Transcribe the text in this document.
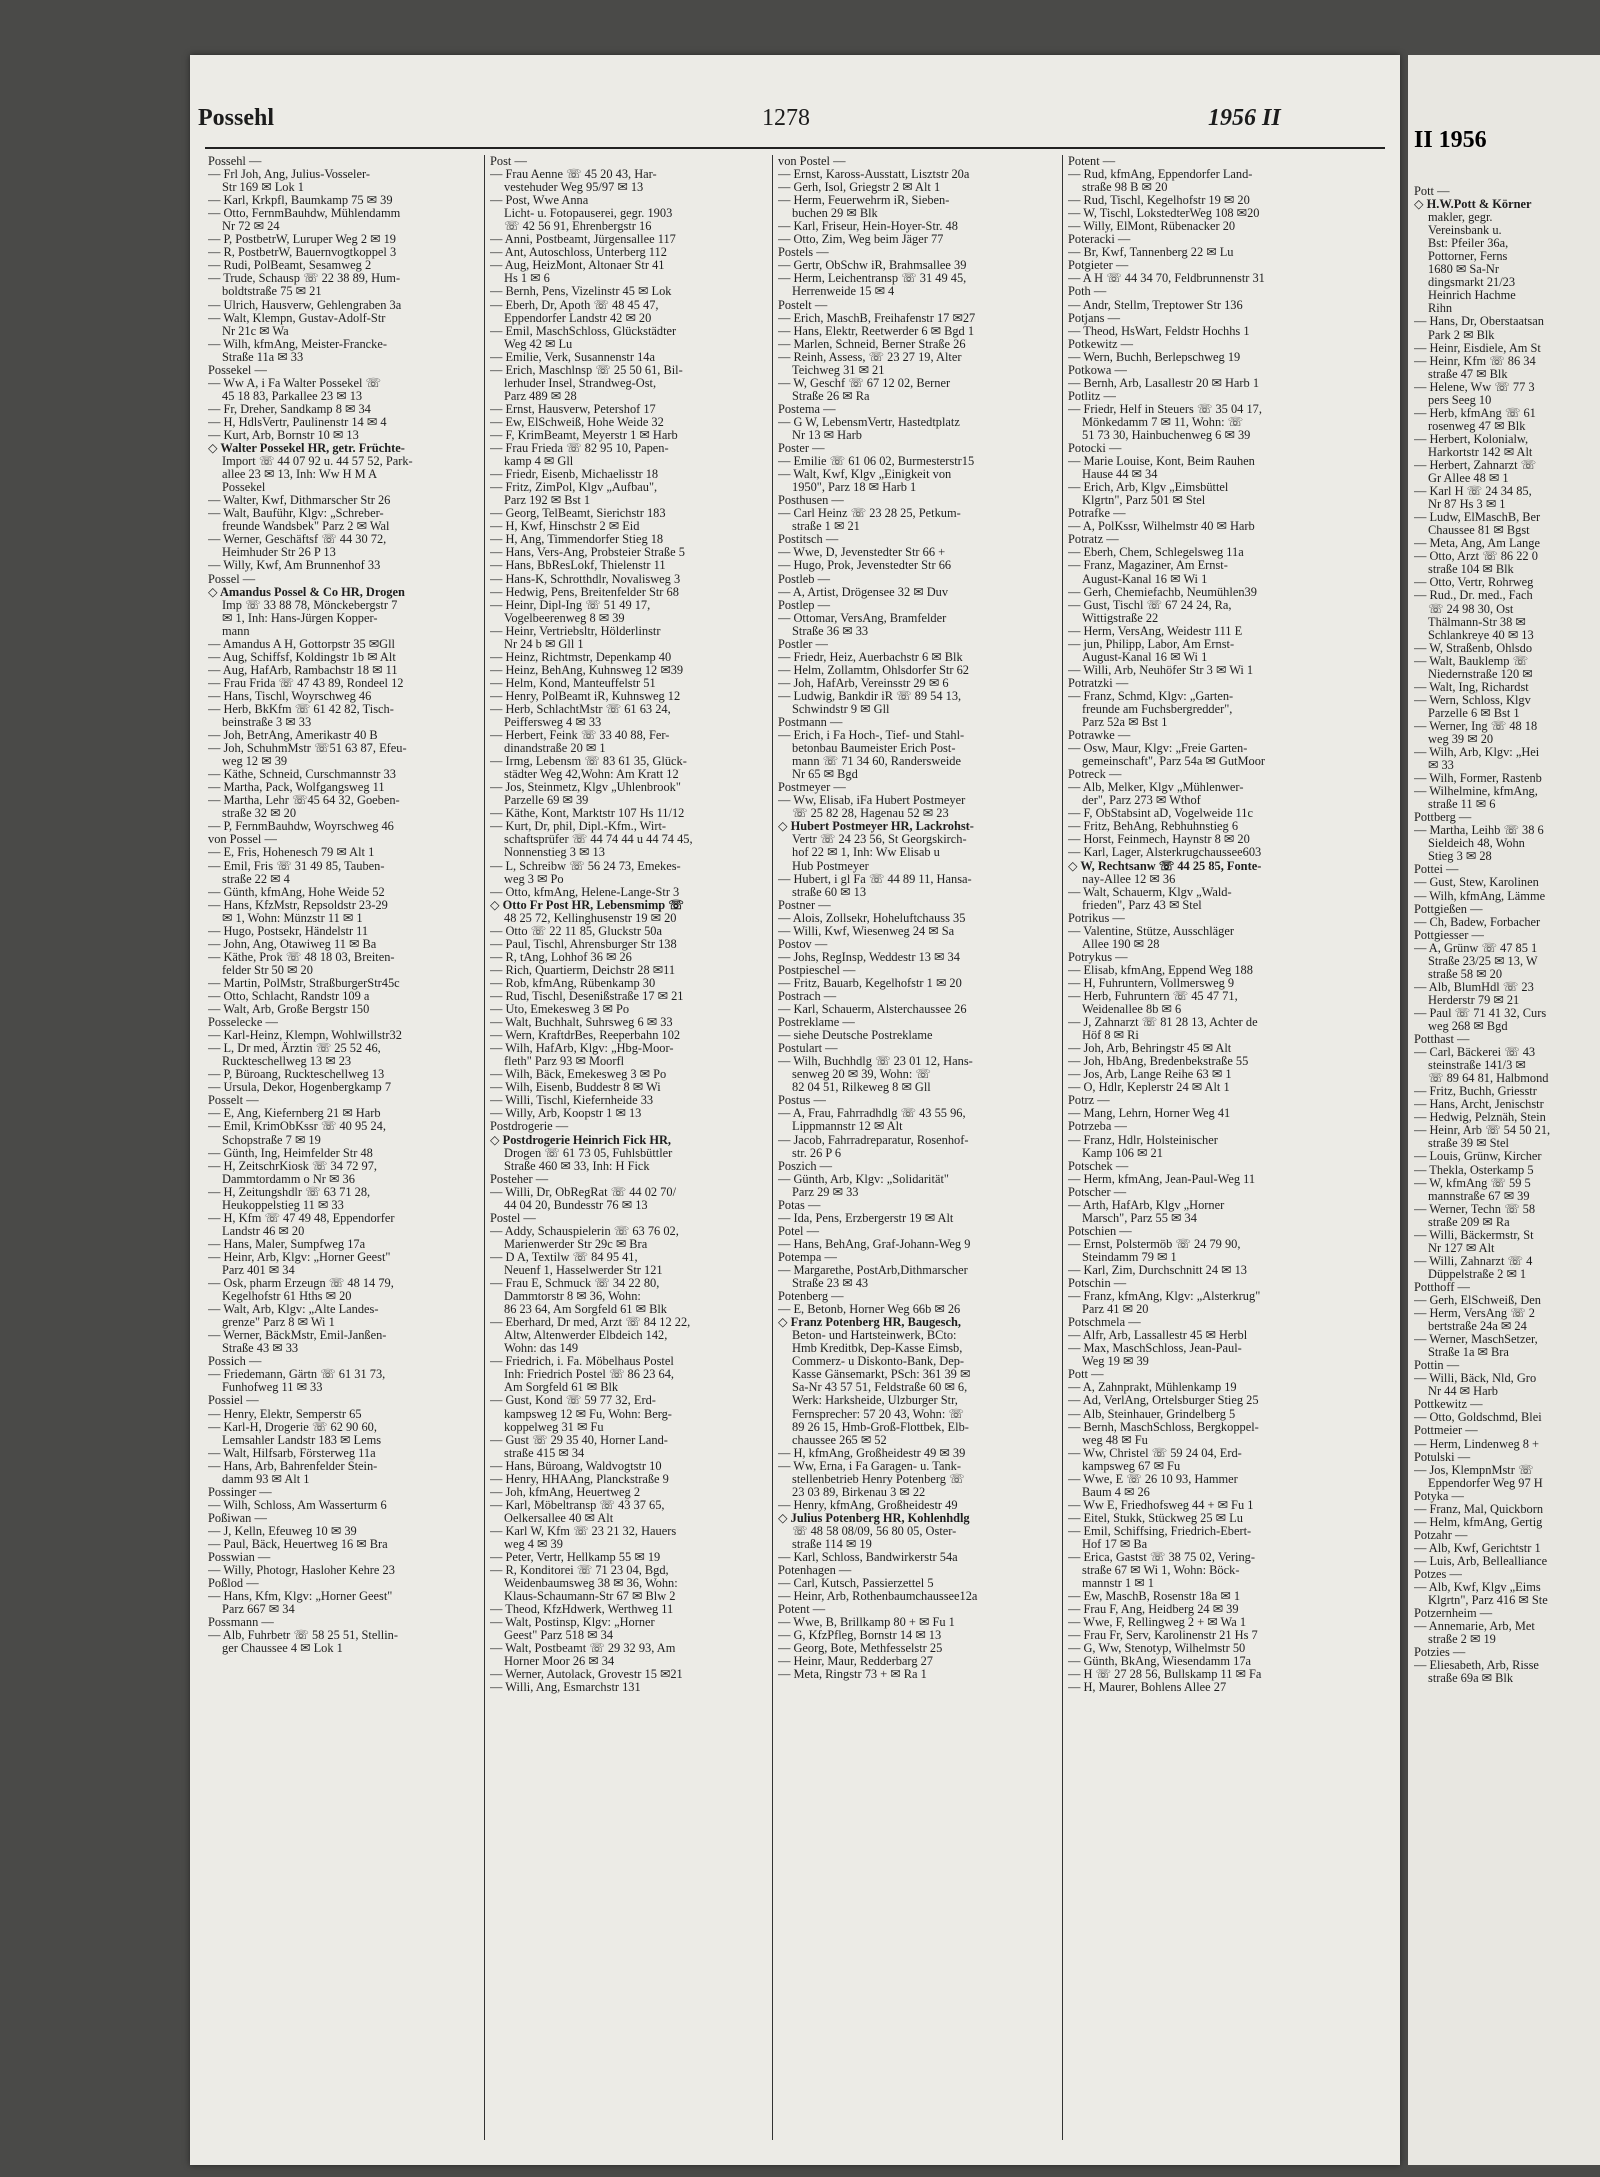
Possehl	1278	1956 II
Possehl —
— Frl Joh, Ang, Julius-Vosseler-
Str 169 ✉ Lok 1
— Karl, Krkpfl, Baumkamp 75 ✉ 39
— Otto, FernmBauhdw, Mühlendamm
Nr 72 ✉ 24
— P, PostbetrW, Luruper Weg 2 ✉ 19
— R, PostbetrW, Bauernvogtkoppel 3
— Rudi, PolBeamt, Sesamweg 2
— Trude, Schausp ☏ 22 38 89, Hum-
boldtstraße 75 ✉ 21
— Ulrich, Hausverw, Gehlengraben 3a
— Walt, Klempn, Gustav-Adolf-Str
Nr 21c ✉ Wa
— Wilh, kfmAng, Meister-Francke-
Straße 11a ✉ 33
Possekel —
— Ww A, i Fa Walter Possekel ☏
45 18 83, Parkallee 23 ✉ 13
— Fr, Dreher, Sandkamp 8 ✉ 34
— H, HdlsVertr, Paulinenstr 14 ✉ 4
— Kurt, Arb, Bornstr 10 ✉ 13
◇ Walter Possekel HR, getr. Früchte-
Import ☏ 44 07 92 u. 44 57 52, Park-
allee 23 ✉ 13, Inh: Ww H M A
Possekel
— Walter, Kwf, Dithmarscher Str 26
— Walt, Bauführ, Klgv: „Schreber-
freunde Wandsbek" Parz 2 ✉ Wal
— Werner, Geschäftsf ☏ 44 30 72,
Heimhuder Str 26 P 13
— Willy, Kwf, Am Brunnenhof 33
Possel —
◇ Amandus Possel & Co HR, Drogen
Imp ☏ 33 88 78, Mönckebergstr 7
✉ 1, Inh: Hans-Jürgen Kopper-
mann
— Amandus A H, Gottorpstr 35 ✉Gll
— Aug, Schiffsf, Koldingstr 1b ✉ Alt
— Aug, HafArb, Rambachstr 18 ✉ 11
— Frau Frida ☏ 47 43 89, Rondeel 12
— Hans, Tischl, Woyrschweg 46
— Herb, BkKfm ☏ 61 42 82, Tisch-
beinstraße 3 ✉ 33
— Joh, BetrAng, Amerikastr 40 B
— Joh, SchuhmMstr ☏51 63 87, Efeu-
weg 12 ✉ 39
— Käthe, Schneid, Curschmannstr 33
— Martha, Pack, Wolfgangsweg 11
— Martha, Lehr ☏45 64 32, Goeben-
straße 32 ✉ 20
— P, FernmBauhdw, Woyrschweg 46
von Possel —
— E, Fris, Hohenesch 79 ✉ Alt 1
— Emil, Fris ☏ 31 49 85, Tauben-
straße 22 ✉ 4
— Günth, kfmAng, Hohe Weide 52
— Hans, KfzMstr, Repsoldstr 23-29
✉ 1, Wohn: Münzstr 11 ✉ 1
— Hugo, Postsekr, Händelstr 11
— John, Ang, Otawiweg 11 ✉ Ba
— Käthe, Prok ☏ 48 18 03, Breiten-
felder Str 50 ✉ 20
— Martin, PolMstr, StraßburgerStr45c
— Otto, Schlacht, Randstr 109 a
— Walt, Arb, Große Bergstr 150
Posselecke —
— Karl-Heinz, Klempn, Wohlwillstr32
— L, Dr med, Ärztin ☏ 25 52 46,
Ruckteschellweg 13 ✉ 23
— P, Büroang, Ruckteschellweg 13
— Ursula, Dekor, Hogenbergkamp 7
Posselt —
— E, Ang, Kiefernberg 21 ✉ Harb
— Emil, KrimObKssr ☏ 40 95 24,
Schopstraße 7 ✉ 19
— Günth, Ing, Heimfelder Str 48
— H, ZeitschrKiosk ☏ 34 72 97,
Dammtordamm o Nr ✉ 36
— H, Zeitungshdlr ☏ 63 71 28,
Heukoppelstieg 11 ✉ 33
— H, Kfm ☏ 47 49 48, Eppendorfer
Landstr 46 ✉ 20
— Hans, Maler, Sumpfweg 17a
— Heinr, Arb, Klgv: „Horner Geest"
Parz 401 ✉ 34
— Osk, pharm Erzeugn ☏ 48 14 79,
Kegelhofstr 61 Hths ✉ 20
— Walt, Arb, Klgv: „Alte Landes-
grenze" Parz 8 ✉ Wi 1
— Werner, BäckMstr, Emil-Janßen-
Straße 43 ✉ 33
Possich —
— Friedemann, Gärtn ☏ 61 31 73,
Funhofweg 11 ✉ 33
Possiel —
— Henry, Elektr, Semperstr 65
— Karl-H, Drogerie ☏ 62 90 60,
Lemsahler Landstr 183 ✉ Lems
— Walt, Hilfsarb, Försterweg 11a
— Hans, Arb, Bahrenfelder Stein-
damm 93 ✉ Alt 1
Possinger —
— Wilh, Schloss, Am Wasserturm 6
Poßiwan —
— J, Kelln, Efeuweg 10 ✉ 39
— Paul, Bäck, Heuertweg 16 ✉ Bra
Posswian —
— Willy, Photogr, Hasloher Kehre 23
Poßlod —
— Hans, Kfm, Klgv: „Horner Geest"
Parz 667 ✉ 34
Possmann —
— Alb, Fuhrbetr ☏ 58 25 51, Stellin-
ger Chaussee 4 ✉ Lok 1
Post —
— Frau Aenne ☏ 45 20 43, Har-
vestehuder Weg 95/97 ✉ 13
— Post, Wwe Anna
Licht- u. Fotopauserei, gegr. 1903
☏ 42 56 91, Ehrenbergstr 16
— Anni, Postbeamt, Jürgensallee 117
— Ant, Autoschloss, Unterberg 112
— Aug, HeizMont, Altonaer Str 41
Hs 1 ✉ 6
— Bernh, Pens, Vizelinstr 45 ✉ Lok
— Eberh, Dr, Apoth ☏ 48 45 47,
Eppendorfer Landstr 42 ✉ 20
— Emil, MaschSchloss, Glückstädter
Weg 42 ✉ Lu
— Emilie, Verk, Susannenstr 14a
— Erich, Maschlnsp ☏ 25 50 61, Bil-
lerhuder Insel, Strandweg-Ost,
Parz 489 ✉ 28
— Ernst, Hausverw, Petershof 17
— Ew, ElSchweiß, Hohe Weide 32
— F, KrimBeamt, Meyerstr 1 ✉ Harb
— Frau Frieda ☏ 82 95 10, Papen-
kamp 4 ✉ Gll
— Friedr, Eisenb, Michaelisstr 18
— Fritz, ZimPol, Klgv „Aufbau",
Parz 192 ✉ Bst 1
— Georg, TelBeamt, Sierichstr 183
— H, Kwf, Hinschstr 2 ✉ Eid
— H, Ang, Timmendorfer Stieg 18
— Hans, Vers-Ang, Probsteier Straße 5
— Hans, BbResLokf, Thielenstr 11
— Hans-K, Schrotthdlr, Novalisweg 3
— Hedwig, Pens, Breitenfelder Str 68
— Heinr, Dipl-Ing ☏ 51 49 17,
Vogelbeerenweg 8 ✉ 39
— Heinr, Vertriebsltr, Hölderlinstr
Nr 24 b ✉ Gll 1
— Heinz, Richtmstr, Depenkamp 40
— Heinz, BehAng, Kuhnsweg 12 ✉39
— Helm, Kond, Manteuffelstr 51
— Henry, PolBeamt iR, Kuhnsweg 12
— Herb, SchlachtMstr ☏ 61 63 24,
Peiffersweg 4 ✉ 33
— Herbert, Feink ☏ 33 40 88, Fer-
dinandstraße 20 ✉ 1
— Irmg, Lebensm ☏ 83 61 35, Glück-
städter Weg 42,Wohn: Am Kratt 12
— Jos, Steinmetz, Klgv „Uhlenbrook"
Parzelle 69 ✉ 39
— Käthe, Kont, Marktstr 107 Hs 11/12
— Kurt, Dr, phil, Dipl.-Kfm., Wirt-
schaftsprüfer ☏ 44 74 44 u 44 74 45,
Nonnenstieg 3 ✉ 13
— L, Schreibw ☏ 56 24 73, Emekes-
weg 3 ✉ Po
— Otto, kfmAng, Helene-Lange-Str 3
◇ Otto Fr Post HR, Lebensmimp ☏
48 25 72, Kellinghusenstr 19 ✉ 20
— Otto ☏ 22 11 85, Gluckstr 50a
— Paul, Tischl, Ahrensburger Str 138
— R, tAng, Lohhof 36 ✉ 26
— Rich, Quartierm, Deichstr 28 ✉11
— Rob, kfmAng, Rübenkamp 30
— Rud, Tischl, Desenißstraße 17 ✉ 21
— Uto, Emekesweg 3 ✉ Po
— Walt, Buchhalt, Suhrsweg 6 ✉ 33
— Wern, KraftdrBes, Reeperbahn 102
— Wilh, HafArb, Klgv: „Hbg-Moor-
fleth" Parz 93 ✉ Moorfl
— Wilh, Bäck, Emekesweg 3 ✉ Po
— Wilh, Eisenb, Buddestr 8 ✉ Wi
— Willi, Tischl, Kiefernheide 33
— Willy, Arb, Koopstr 1 ✉ 13
Postdrogerie —
◇ Postdrogerie Heinrich Fick HR,
Drogen ☏ 61 73 05, Fuhlsbüttler
Straße 460 ✉ 33, Inh: H Fick
Posteher —
— Willi, Dr, ObRegRat ☏ 44 02 70/
44 04 20, Bundesstr 76 ✉ 13
Postel —
— Addy, Schauspielerin ☏ 63 76 02,
Marienwerder Str 29c ✉ Bra
— D A, Textilw ☏ 84 95 41,
Neuenf 1, Hasselwerder Str 121
— Frau E, Schmuck ☏ 34 22 80,
Dammtorstr 8 ✉ 36, Wohn:
86 23 64, Am Sorgfeld 61 ✉ Blk
— Eberhard, Dr med, Arzt ☏ 84 12 22,
Altw, Altenwerder Elbdeich 142,
Wohn: das 149
— Friedrich, i. Fa. Möbelhaus Postel
Inh: Friedrich Postel ☏ 86 23 64,
Am Sorgfeld 61 ✉ Blk
— Gust, Kond ☏ 59 77 32, Erd-
kampsweg 12 ✉ Fu, Wohn: Berg-
koppelweg 31 ✉ Fu
— Gust ☏ 29 35 40, Horner Land-
straße 415 ✉ 34
— Hans, Büroang, Waldvogtstr 10
— Henry, HHAAng, Planckstraße 9
— Joh, kfmAng, Heuertweg 2
— Karl, Möbeltransp ☏ 43 37 65,
Oelkersallee 40 ✉ Alt
— Karl W, Kfm ☏ 23 21 32, Hauers
weg 4 ✉ 39
— Peter, Vertr, Hellkamp 55 ✉ 19
— R, Konditorei ☏ 71 23 04, Bgd,
Weidenbaumsweg 38 ✉ 36, Wohn:
Klaus-Schaumann-Str 67 ✉ Blw 2
— Theod, KfzHdwerk, Werthweg 11
— Walt, Postinsp, Klgv: „Horner
Geest" Parz 518 ✉ 34
— Walt, Postbeamt ☏ 29 32 93, Am
Horner Moor 26 ✉ 34
— Werner, Autolack, Grovestr 15 ✉21
— Willi, Ang, Esmarchstr 131
von Postel —
— Ernst, Kaross-Ausstatt, Lisztstr 20a
— Gerh, Isol, Griegstr 2 ✉ Alt 1
— Herm, Feuerwehrm iR, Sieben-
buchen 29 ✉ Blk
— Karl, Friseur, Hein-Hoyer-Str. 48
— Otto, Zim, Weg beim Jäger 77
Postels —
— Gertr, ObSchw iR, Brahmsallee 39
— Herm, Leichentransp ☏ 31 49 45,
Herrenweide 15 ✉ 4
Postelt —
— Erich, MaschB, Freihafenstr 17 ✉27
— Hans, Elektr, Reetwerder 6 ✉ Bgd 1
— Marlen, Schneid, Berner Straße 26
— Reinh, Assess, ☏ 23 27 19, Alter
Teichweg 31 ✉ 21
— W, Geschf ☏ 67 12 02, Berner
Straße 26 ✉ Ra
Postema —
— G W, LebensmVertr, Hastedtplatz
Nr 13 ✉ Harb
Poster —
— Emilie ☏ 61 06 02, Burmesterstr15
— Walt, Kwf, Klgv „Einigkeit von
1950", Parz 18 ✉ Harb 1
Posthusen —
— Carl Heinz ☏ 23 28 25, Petkum-
straße 1 ✉ 21
Postitsch —
— Wwe, D, Jevenstedter Str 66 +
— Hugo, Prok, Jevenstedter Str 66
Postleb —
— A, Artist, Drögensee 32 ✉ Duv
Postlep —
— Ottomar, VersAng, Bramfelder
Straße 36 ✉ 33
Postler —
— Friedr, Heiz, Auerbachstr 6 ✉ Blk
— Helm, Zollamtm, Ohlsdorfer Str 62
— Joh, HafArb, Vereinsstr 29 ✉ 6
— Ludwig, Bankdir iR ☏ 89 54 13,
Schwindstr 9 ✉ Gll
Postmann —
— Erich, i Fa Hoch-, Tief- und Stahl-
betonbau Baumeister Erich Post-
mann ☏ 71 34 60, Randersweide
Nr 65 ✉ Bgd
Postmeyer —
— Ww, Elisab, iFa Hubert Postmeyer
☏ 25 82 28, Hagenau 52 ✉ 23
◇ Hubert Postmeyer HR, Lackrohst-
Vertr ☏ 24 23 56, St Georgskirch-
hof 22 ✉ 1, Inh: Ww Elisab u
Hub Postmeyer
— Hubert, i gl Fa ☏ 44 89 11, Hansa-
straße 60 ✉ 13
Postner —
— Alois, Zollsekr, Hoheluftchauss 35
— Willi, Kwf, Wiesenweg 24 ✉ Sa
Postov —
— Johs, RegInsp, Weddestr 13 ✉ 34
Postpieschel —
— Fritz, Bauarb, Kegelhofstr 1 ✉ 20
Postrach —
— Karl, Schauerm, Alsterchaussee 26
Postreklame —
— siehe Deutsche Postreklame
Postulart —
— Wilh, Buchhdlg ☏ 23 01 12, Hans-
senweg 20 ✉ 39, Wohn: ☏
82 04 51, Rilkeweg 8 ✉ Gll
Postus —
— A, Frau, Fahrradhdlg ☏ 43 55 96,
Lippmannstr 12 ✉ Alt
— Jacob, Fahrradreparatur, Rosenhof-
str. 26 P 6
Poszich —
— Günth, Arb, Klgv: „Solidarität"
Parz 29 ✉ 33
Potas —
— Ida, Pens, Erzbergerstr 19 ✉ Alt
Potel —
— Hans, BehAng, Graf-Johann-Weg 9
Potempa —
— Margarethe, PostArb,Dithmarscher
Straße 23 ✉ 43
Potenberg —
— E, Betonb, Horner Weg 66b ✉ 26
◇ Franz Potenberg HR, Baugesch,
Beton- und Hartsteinwerk, BCto:
Hmb Kreditbk, Dep-Kasse Eimsb,
Commerz- u Diskonto-Bank, Dep-
Kasse Gänsemarkt, PSch: 361 39 ✉
Sa-Nr 43 57 51, Feldstraße 60 ✉ 6,
Werk: Harksheide, Ulzburger Str,
Fernsprecher: 57 20 43, Wohn: ☏
89 26 15, Hmb-Groß-Flottbek, Elb-
chaussee 265 ✉ 52
— H, kfmAng, Großheidestr 49 ✉ 39
— Ww, Erna, i Fa Garagen- u. Tank-
stellenbetrieb Henry Potenberg ☏
23 03 89, Birkenau 3 ✉ 22
— Henry, kfmAng, Großheidestr 49
◇ Julius Potenberg HR, Kohlenhdlg
☏ 48 58 08/09, 56 80 05, Oster-
straße 114 ✉ 19
— Karl, Schloss, Bandwirkerstr 54a
Potenhagen —
— Carl, Kutsch, Passierzettel 5
— Heinr, Arb, Rothenbaumchaussee12a
Potent —
— Wwe, B, Brillkamp 80 + ✉ Fu 1
— G, KfzPfleg, Bornstr 14 ✉ 13
— Georg, Bote, Methfesselstr 25
— Heinr, Maur, Redderbarg 27
— Meta, Ringstr 73 + ✉ Ra 1
Potent —
— Rud, kfmAng, Eppendorfer Land-
straße 98 B ✉ 20
— Rud, Tischl, Kegelhofstr 19 ✉ 20
— W, Tischl, LokstedterWeg 108 ✉20
— Willy, ElMont, Rübenacker 20
Poteracki —
— Br, Kwf, Tannenberg 22 ✉ Lu
Potgieter —
— A H ☏ 44 34 70, Feldbrunnenstr 31
Poth —
— Andr, Stellm, Treptower Str 136
Potjans —
— Theod, HsWart, Feldstr Hochhs 1
Potkewitz —
— Wern, Buchh, Berlepschweg 19
Potkowa —
— Bernh, Arb, Lasallestr 20 ✉ Harb 1
Potlitz —
— Friedr, Helf in Steuers ☏ 35 04 17,
Mönkedamm 7 ✉ 11, Wohn: ☏
51 73 30, Hainbuchenweg 6 ✉ 39
Potocki —
— Marie Louise, Kont, Beim Rauhen
Hause 44 ✉ 34
— Erich, Arb, Klgv „Eimsbüttel
Klgrtn", Parz 501 ✉ Stel
Potrafke —
— A, PolKssr, Wilhelmstr 40 ✉ Harb
Potratz —
— Eberh, Chem, Schlegelsweg 11a
— Franz, Magaziner, Am Ernst-
August-Kanal 16 ✉ Wi 1
— Gerh, Chemiefachb, Neumühlen39
— Gust, Tischl ☏ 67 24 24, Ra,
Wittigstraße 22
— Herm, VersAng, Weidestr 111 E
— jun, Philipp, Labor, Am Ernst-
August-Kanal 16 ✉ Wi 1
— Willi, Arb, Neuhöfer Str 3 ✉ Wi 1
Potratzki —
— Franz, Schmd, Klgv: „Garten-
freunde am Fuchsbergredder",
Parz 52a ✉ Bst 1
Potrawke —
— Osw, Maur, Klgv: „Freie Garten-
gemeinschaft", Parz 54a ✉ GutMoor
Potreck —
— Alb, Melker, Klgv „Mühlenwer-
der", Parz 273 ✉ Wthof
— F, ObStabsint aD, Vogelweide 11c
— Fritz, BehAng, Rebhuhnstieg 6
— Horst, Feinmech, Haynstr 8 ✉ 20
— Karl, Lager, Alsterkrugchaussee603
◇ W, Rechtsanw ☏ 44 25 85, Fonte-
nay-Allee 12 ✉ 36
— Walt, Schauerm, Klgv „Wald-
frieden", Parz 43 ✉ Stel
Potrikus —
— Valentine, Stütze, Ausschläger
Allee 190 ✉ 28
Potrykus —
— Elisab, kfmAng, Eppend Weg 188
— H, Fuhruntern, Vollmersweg 9
— Herb, Fuhruntern ☏ 45 47 71,
Weidenallee 8b ✉ 6
— J, Zahnarzt ☏ 81 28 13, Achter de
Höf 8 ✉ Ri
— Joh, Arb, Behringstr 45 ✉ Alt
— Joh, HbAng, Bredenbekstraße 55
— Jos, Arb, Lange Reihe 63 ✉ 1
— O, Hdlr, Keplerstr 24 ✉ Alt 1
Potrz —
— Mang, Lehrn, Horner Weg 41
Potrzeba —
— Franz, Hdlr, Holsteinischer
Kamp 106 ✉ 21
Potschek —
— Herm, kfmAng, Jean-Paul-Weg 11
Potscher —
— Arth, HafArb, Klgv „Horner
Marsch", Parz 55 ✉ 34
Potschien —
— Ernst, Polstermöb ☏ 24 79 90,
Steindamm 79 ✉ 1
— Karl, Zim, Durchschnitt 24 ✉ 13
Potschin —
— Franz, kfmAng, Klgv: „Alsterkrug"
Parz 41 ✉ 20
Potschmela —
— Alfr, Arb, Lassallestr 45 ✉ Herbl
— Max, MaschSchloss, Jean-Paul-
Weg 19 ✉ 39
Pott —
— A, Zahnprakt, Mühlenkamp 19
— Ad, VerlAng, Ortelsburger Stieg 25
— Alb, Steinhauer, Grindelberg 5
— Bernh, MaschSchloss, Bergkoppel-
weg 48 ✉ Fu
— Ww, Christel ☏ 59 24 04, Erd-
kampsweg 67 ✉ Fu
— Wwe, E ☏ 26 10 93, Hammer
Baum 4 ✉ 26
— Ww E, Friedhofsweg 44 + ✉ Fu 1
— Eitel, Stukk, Stückweg 25 ✉ Lu
— Emil, Schiffsing, Friedrich-Ebert-
Hof 17 ✉ Ba
— Erica, Gastst ☏ 38 75 02, Vering-
straße 67 ✉ Wi 1, Wohn: Böck-
mannstr 1 ✉ 1
— Ew, MaschB, Rosenstr 18a ✉ 1
— Frau F, Ang, Heidberg 24 ✉ 39
— Wwe, F, Rellingweg 2 + ✉ Wa 1
— Frau Fr, Serv, Karolinenstr 21 Hs 7
— G, Ww, Stenotyp, Wilhelmstr 50
— Günth, BkAng, Wiesendamm 17a
— H ☏ 27 28 56, Bullskamp 11 ✉ Fa
— H, Maurer, Bohlens Allee 27
II 1956
Pott —
◇ H.W.Pott & Körner
makler, gegr.
Vereinsbank u.
Bst: Pfeiler 36a,
Pottorner, Ferns
1680 ✉ Sa-Nr
dingsmarkt 21/23
Heinrich Hachme
Rihn
— Hans, Dr, Oberstaatsan
Park 2 ✉ Blk
— Heinr, Eisdiele, Am St
— Heinr, Kfm ☏ 86 34
straße 47 ✉ Blk
— Helene, Ww ☏ 77 3
pers Seeg 10
— Herb, kfmAng ☏ 61
rosenweg 47 ✉ Blk
— Herbert, Kolonialw,
Harkortstr 142 ✉ Alt
— Herbert, Zahnarzt ☏
Gr Allee 48 ✉ 1
— Karl H ☏ 24 34 85,
Nr 87 Hs 3 ✉ 1
— Ludw, ElMaschB, Ber
Chaussee 81 ✉ Bgst
— Meta, Ang, Am Lange
— Otto, Arzt ☏ 86 22 0
straße 104 ✉ Blk
— Otto, Vertr, Rohrweg
— Rud., Dr. med., Fach
☏ 24 98 30, Ost
Thälmann-Str 38 ✉
Schlankreye 40 ✉ 13
— W, Straßenb, Ohlsdo
— Walt, Bauklemp ☏
Niedernstraße 120 ✉
— Walt, Ing, Richardst
— Wern, Schloss, Klgv
Parzelle 6 ✉ Bst 1
— Werner, Ing ☏ 48 18
weg 39 ✉ 20
— Wilh, Arb, Klgv: „Hei
✉ 33
— Wilh, Former, Rastenb
— Wilhelmine, kfmAng,
straße 11 ✉ 6
Pottberg —
— Martha, Leihb ☏ 38 6
Sieldeich 48, Wohn
Stieg 3 ✉ 28
Pottei —
— Gust, Stew, Karolinen
— Wilh, kfmAng, Lämme
Pottgießen —
— Ch, Badew, Forbacher
Pottgiesser —
— A, Grünw ☏ 47 85 1
Straße 23/25 ✉ 13, W
straße 58 ✉ 20
— Alb, BlumHdl ☏ 23
Herderstr 79 ✉ 21
— Paul ☏ 71 41 32, Curs
weg 268 ✉ Bgd
Potthast —
— Carl, Bäckerei ☏ 43
steinstraße 141/3 ✉
☏ 89 64 81, Halbmond
— Fritz, Buchh, Griesstr
— Hans, Archt, Jenischstr
— Hedwig, Pelznäh, Stein
— Heinr, Arb ☏ 54 50 21,
straße 39 ✉ Stel
— Louis, Grünw, Kircher
— Thekla, Osterkamp 5
— W, kfmAng ☏ 59 5
mannstraße 67 ✉ 39
— Werner, Techn ☏ 58
straße 209 ✉ Ra
— Willi, Bäckermstr, St
Nr 127 ✉ Alt
— Willi, Zahnarzt ☏ 4
Düppelstraße 2 ✉ 1
Potthoff —
— Gerh, ElSchweiß, Den
— Herm, VersAng ☏ 2
bertstraße 24a ✉ 24
— Werner, MaschSetzer,
Straße 1a ✉ Bra
Pottin —
— Willi, Bäck, Nld, Gro
Nr 44 ✉ Harb
Pottkewitz —
— Otto, Goldschmd, Blei
Pottmeier —
— Herm, Lindenweg 8 +
Potulski —
— Jos, KlempnMstr ☏
Eppendorfer Weg 97 H
Potyka —
— Franz, Mal, Quickborn
— Helm, kfmAng, Gertig
Potzahr —
— Alb, Kwf, Gerichtstr 1
— Luis, Arb, Bellealliance
Potzes —
— Alb, Kwf, Klgv „Eims
Klgrtn", Parz 416 ✉ Ste
Potzernheim —
— Annemarie, Arb, Met
straße 2 ✉ 19
Potzies —
— Eliesabeth, Arb, Risse
straße 69a ✉ Blk
